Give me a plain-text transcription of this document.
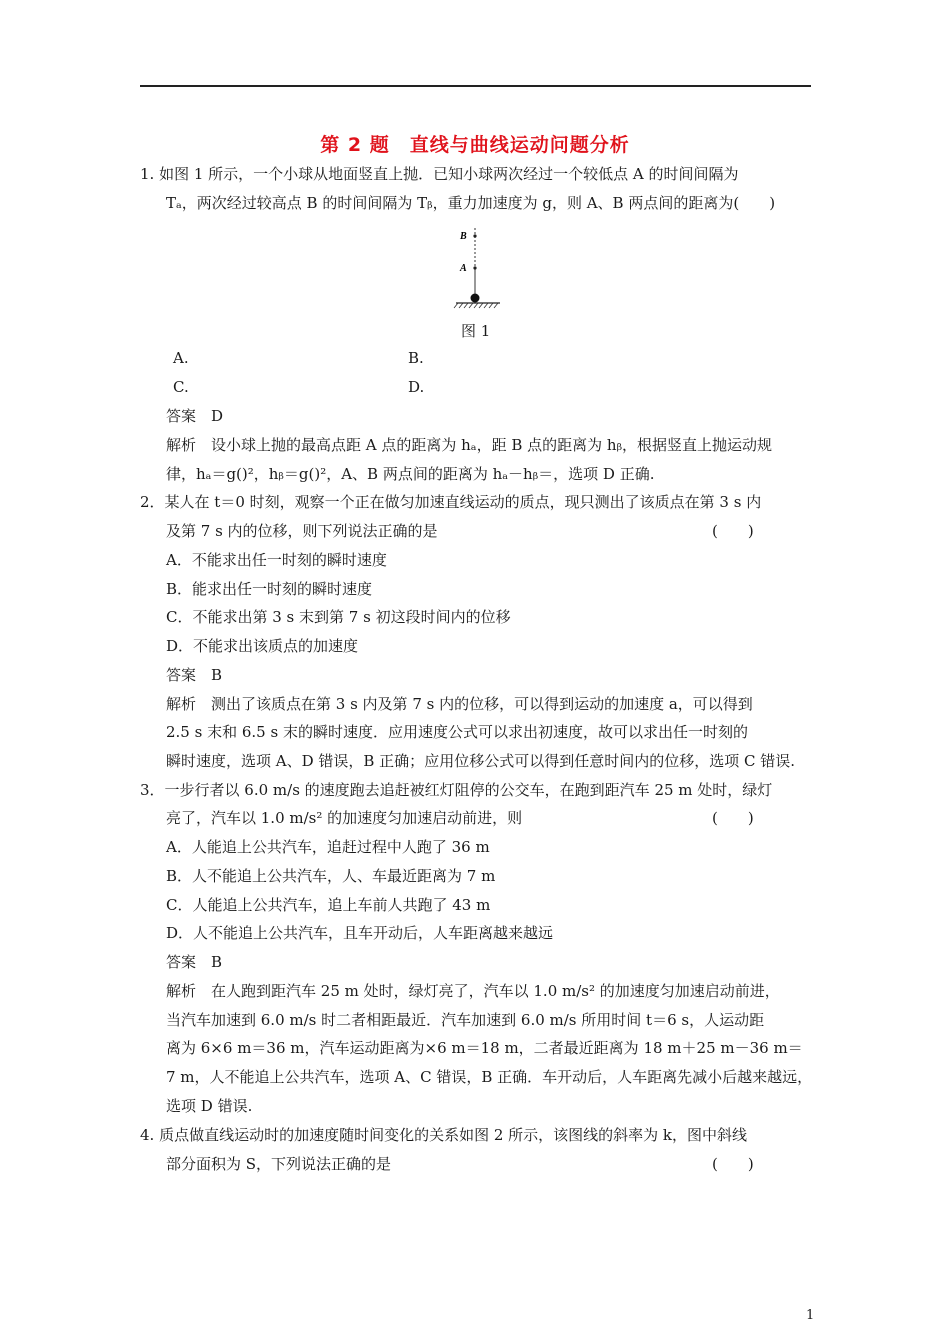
第 2 题　直线与曲线运动问题分析
1. 如图 1 所示，一个小球从地面竖直上抛．已知小球两次经过一个较低点 A 的时间间隔为
Tₐ，两次经过较高点 B 的时间间隔为 Tᵦ，重力加速度为 g，则 A、B 两点间的距离为(　　)
B
A
图 1
A.	B.
C.	D.
答案　D
解析　设小球上抛的最高点距 A 点的距离为 hₐ，距 B 点的距离为 hᵦ，根据竖直上抛运动规
律，hₐ＝g()²，hᵦ＝g()²，A、B 两点间的距离为 hₐ－hᵦ＝，选项 D 正确.
2．某人在 t＝0 时刻，观察一个正在做匀加速直线运动的质点，现只测出了该质点在第 3 s 内
及第 7 s 内的位移，则下列说法正确的是	(　　)
A．不能求出任一时刻的瞬时速度
B．能求出任一时刻的瞬时速度
C．不能求出第 3 s 末到第 7 s 初这段时间内的位移
D．不能求出该质点的加速度
答案　B
解析　测出了该质点在第 3 s 内及第 7 s 内的位移，可以得到运动的加速度 a，可以得到
2.5 s 末和 6.5 s 末的瞬时速度．应用速度公式可以求出初速度，故可以求出任一时刻的
瞬时速度，选项 A、D 错误，B 正确；应用位移公式可以得到任意时间内的位移，选项 C 错误.
3．一步行者以 6.0 m/s 的速度跑去追赶被红灯阻停的公交车，在跑到距汽车 25 m 处时，绿灯
亮了，汽车以 1.0 m/s² 的加速度匀加速启动前进，则	(　　)
A．人能追上公共汽车，追赶过程中人跑了 36 m
B．人不能追上公共汽车，人、车最近距离为 7 m
C．人能追上公共汽车，追上车前人共跑了 43 m
D．人不能追上公共汽车，且车开动后，人车距离越来越远
答案　B
解析　在人跑到距汽车 25 m 处时，绿灯亮了，汽车以 1.0 m/s² 的加速度匀加速启动前进，
当汽车加速到 6.0 m/s 时二者相距最近．汽车加速到 6.0 m/s 所用时间 t＝6 s，人运动距
离为 6×6 m＝36 m，汽车运动距离为×6 m＝18 m，二者最近距离为 18 m＋25 m－36 m＝
7 m，人不能追上公共汽车，选项 A、C 错误，B 正确．车开动后，人车距离先减小后越来越远，
选项 D 错误.
4. 质点做直线运动时的加速度随时间变化的关系如图 2 所示，该图线的斜率为 k，图中斜线
部分面积为 S，下列说法正确的是	(　　)
1
